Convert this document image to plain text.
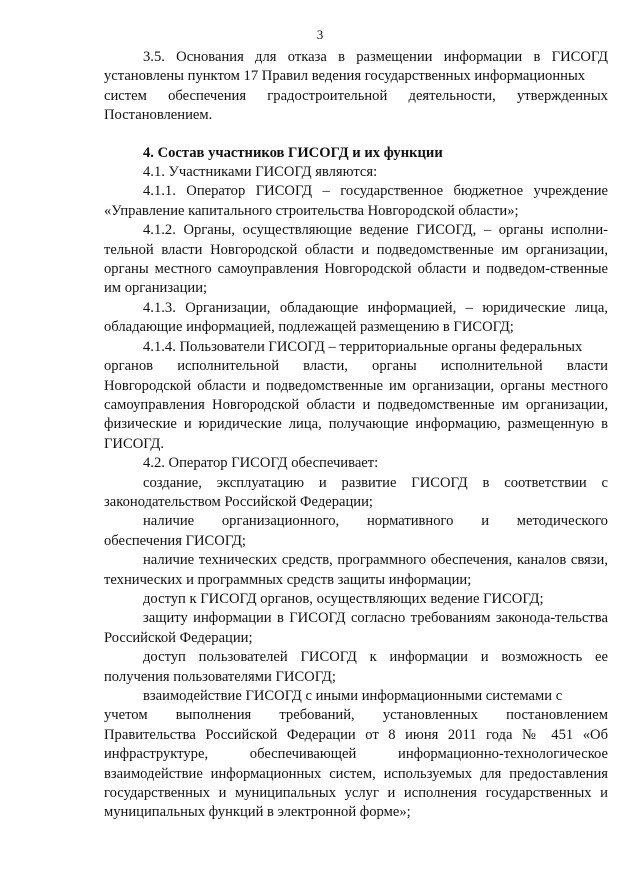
3

3.5. Основания для отказа в размещении информации в ГИСОГД установлены пунктом 17 Правил ведения государственных информационных

систем обеспечения градостроительной деятельности, утвержденных

Постановлением.

4. Состав участников ГИСОГД и их функции

4.1. Участниками ГИСОГД являются:

4.1.1. Оператор ГИСОГД – государственное бюджетное учреждение «Управление капитального строительства Новгородской области»;

4.1.2. Органы, осуществляющие ведение ГИСОГД, – органы исполни-тельной власти Новгородской области и подведомственные им организации, органы местного самоуправления Новгородской области и подведом-ственные им организации;

4.1.3. Организации, обладающие информацией, – юридические лица, обладающие информацией, подлежащей размещению в ГИСОГД;

4.1.4. Пользователи ГИСОГД – территориальные органы федеральных

органов исполнительной власти, органы исполнительной власти

Новгородской области и подведомственные им организации, органы местного самоуправления Новгородской области и подведомственные им организации, физические и юридические лица, получающие информацию, размещенную в ГИСОГД.

4.2. Оператор ГИСОГД обеспечивает:

создание, эксплуатацию и развитие ГИСОГД в соответствии с законодательством Российской Федерации;

наличие организационного, нормативного и методического

обеспечения ГИСОГД;

наличие технических средств, программного обеспечения, каналов связи, технических и программных средств защиты информации;

доступ к ГИСОГД органов, осуществляющих ведение ГИСОГД;

защиту информации в ГИСОГД согласно требованиям законода-тельства Российской Федерации;

доступ пользователей ГИСОГД к информации и возможность ее получения пользователями ГИСОГД;

взаимодействие ГИСОГД с иными информационными системами с

учетом выполнения требований, установленных постановлением

Правительства Российской Федерации от 8 июня 2011 года № 451 «Об инфраструктуре, обеспечивающей информационно-технологическое взаимодействие информационных систем, используемых для предоставления государственных и муниципальных услуг и исполнения государственных и муниципальных функций в электронной форме»;
